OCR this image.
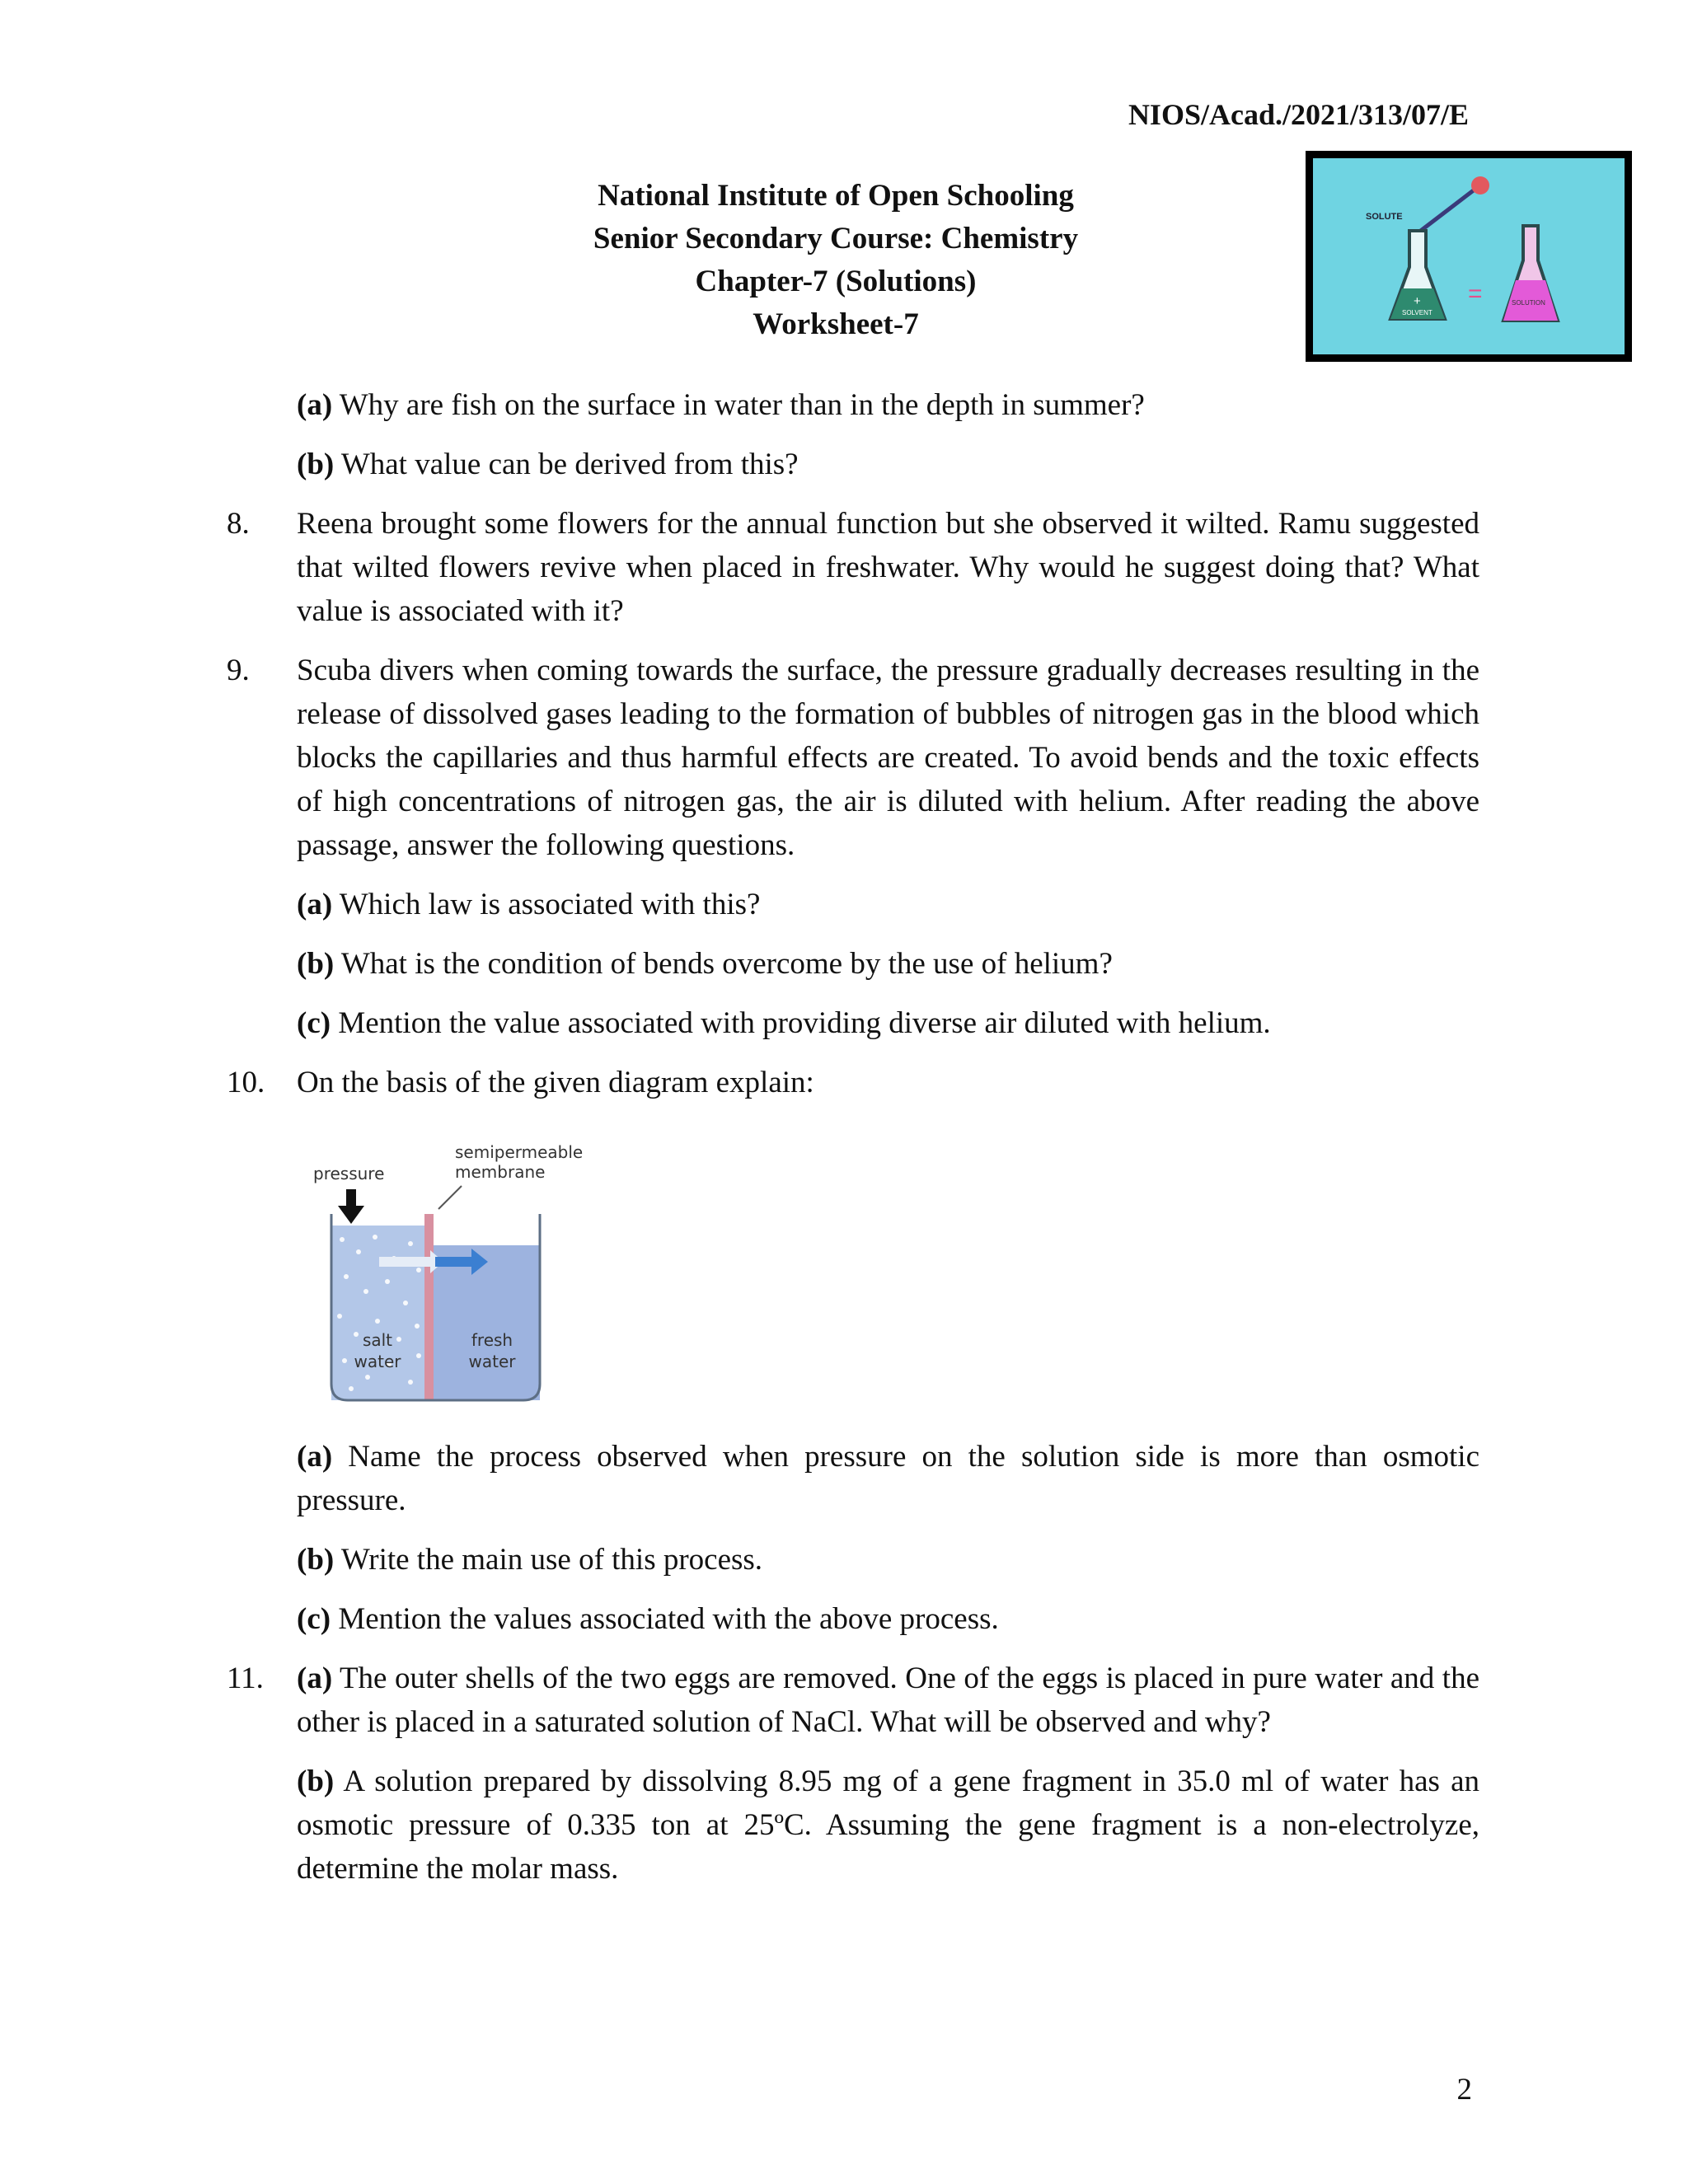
NIOS/Acad./2021/313/07/E
National Institute of Open Schooling
Senior Secondary Course: Chemistry
Chapter-7 (Solutions)
Worksheet-7
SOLUTE
+
SOLVENT
=	SOLUTION
(a) Why are fish on the surface in water than in the depth in summer?
(b) What value can be derived from this?
8. Reena brought some flowers for the annual function but she observed it wilted. Ramu suggested that wilted flowers revive when placed in freshwater. Why would he suggest doing that? What value is associated with it?
9. Scuba divers when coming towards the surface, the pressure gradually decreases resulting in the release of dissolved gases leading to the formation of bubbles of nitrogen gas in the blood which blocks the capillaries and thus harmful effects are created. To avoid bends and the toxic effects of high concentrations of nitrogen gas, the air is diluted with helium. After reading the above passage, answer the following questions.
(a) Which law is associated with this?
(b) What is the condition of bends overcome by the use of helium?
(c) Mention the value associated with providing diverse air diluted with helium.
10. On the basis of the given diagram explain:
pressure
semipermeable
membrane
salt
water
fresh
water
(a) Name the process observed when pressure on the solution side is more than osmotic pressure.
(b) Write the main use of this process.
(c) Mention the values associated with the above process.
11. (a) The outer shells of the two eggs are removed. One of the eggs is placed in pure water and the other is placed in a saturated solution of NaCl. What will be observed and why?
(b) A solution prepared by dissolving 8.95 mg of a gene fragment in 35.0 ml of water has an osmotic pressure of 0.335 ton at 25ºC. Assuming the gene fragment is a non-electrolyze, determine the molar mass.
2
